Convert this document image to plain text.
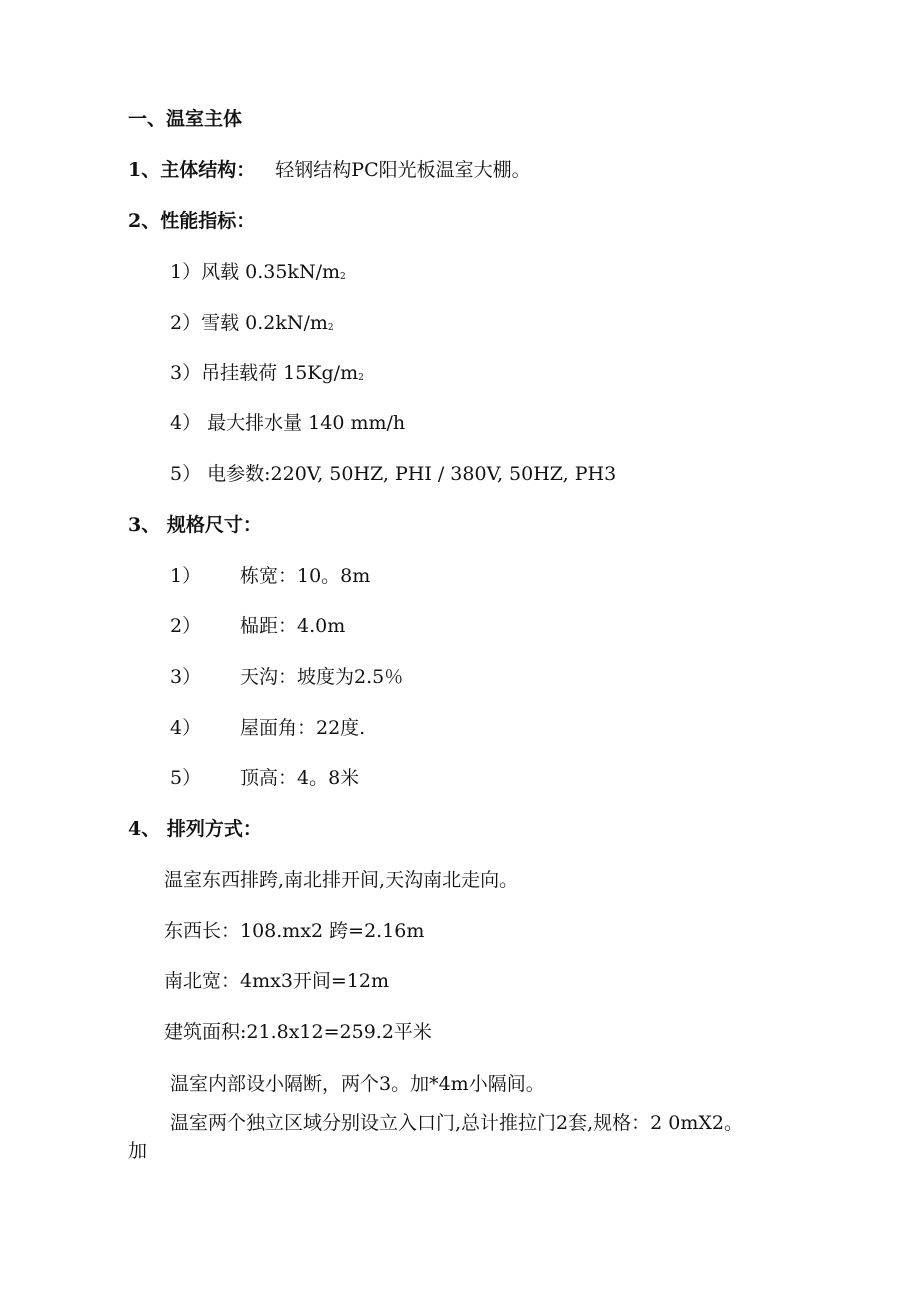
一、温室主体
1、主体结构： 轻钢结构PC阳光板温室大棚。
2、性能指标：
1）风载 0.35kN/m2
2）雪载 0.2kN/m2
3）吊挂载荷 15Kg/m2
4） 最大排水量 140 mm/h
5） 电参数:220V, 50HZ, PHI / 380V, 50HZ, PH3
3、 规格尺寸：
1） 栋宽：10。8m
2） 榀距：4.0m
3） 天沟：坡度为2.5％
4） 屋面角：22度.
5） 顶高：4。8米
4、 排列方式：
温室东西排跨,南北排开间,天沟南北走向。
东西长：108.mx2 跨=2.16m
南北宽：4mx3开间=12m
建筑面积:21.8x12=259.2平米
温室内部设小隔断，两个3。加*4m小隔间。
温室两个独立区域分别设立入口门,总计推拉门2套,规格：2 0mX2。
加
